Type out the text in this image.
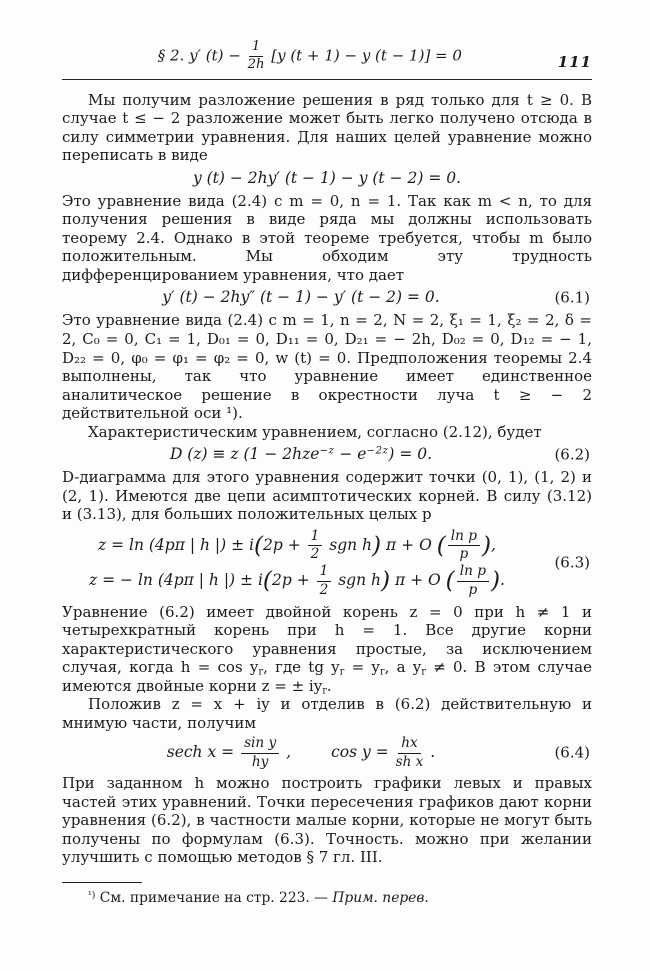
§ 2. y′ $(t) - \frac{1}{2h} [y$ (t + 1) − y (t − 1)] = 0	111

Мы получим разложение решения в ряд только для t ≥ 0. В случае t ≤ − 2 разложение может быть легко получено отсюда в силу симметрии уравнения. Для наших целей уравнение можно переписать в виде

y (t) − 2hy′ (t − 1) − y (t − 2) = 0.

Это уравнение вида (2.4) с m = 0, n = 1. Так как m < n, то для получения решения в виде ряда мы должны использовать теорему 2.4. Однако в этой теореме требуется, чтобы m было положительным. Мы обходим эту трудность дифференцированием уравнения, что дает

y′ (t) − 2hy″ (t − 1) − y′ (t − 2) = 0.	(6.1)

Это уравнение вида (2.4) с m = 1, n = 2, N = 2, ξ₁ = 1, ξ₂ = 2, δ = 2, C₀ = 0, C₁ = 1, D₀₁ = 0, D₁₁ = 0, D₂₁ = − 2h, D₀₂ = 0, D₁₂ = − 1, D₂₂ = 0, φ₀ = φ₁ = φ₂ = 0, w (t) = 0. Предположения теоремы 2.4 выполнены, так что уравнение имеет единственное аналитическое решение в окрестности луча t ≥ − 2 действительной оси ¹).

Характеристическим уравнением, согласно (2.12), будет

D (z) ≡ z $(1 - 2hze^{-z} - e^{-2z}) = 0$.	(6.2)

D-диаграмма для этого уравнения содержит точки (0, 1), (1, 2) и (2, 1). Имеются две цепи асимптотических корней. В силу (3.12) и (3.13), для больших положительных целых p

z = ln (4pπ | h |) ± $i(2p + \frac{1}{2}$ sgn h) π + O ( $\frac{\text{ln p}}{p}$ ),
z = − ln (4pπ | h |) ± $i(2p + \frac{1}{2}$ sgn h) π + O ( $\frac{\text{ln p}}{p}$ ).
(6.3)

Уравнение (6.2) имеет двойной корень z = 0 при h ≠ 1 и четырехкратный корень при h = 1. Все другие корни характеристического уравнения простые, за исключением случая, когда $h = \cos y_r$, где tg $y_r = y_r$, а $y_r \ne 0$. В этом случае имеются двойные корни z = ± $iy_r$.

Положив z = x + iy и отделив в (6.2) действительную и мнимую части, получим

sech $x = \frac{\text{sin y}}{hy}$ ,	$\cos y = \frac{hx}{\text{sh x}}$ .	(6.4)

При заданном h можно построить графики левых и правых частей этих уравнений. Точки пересечения графиков дают корни уравнения (6.2), в частности малые корни, которые не могут быть получены по формулам (6.3). Точность. можно при желании улучшить с помощью методов § 7 гл. III.

$^{^1)}$ См. примечание на стр. 223. — Прим. перев.
